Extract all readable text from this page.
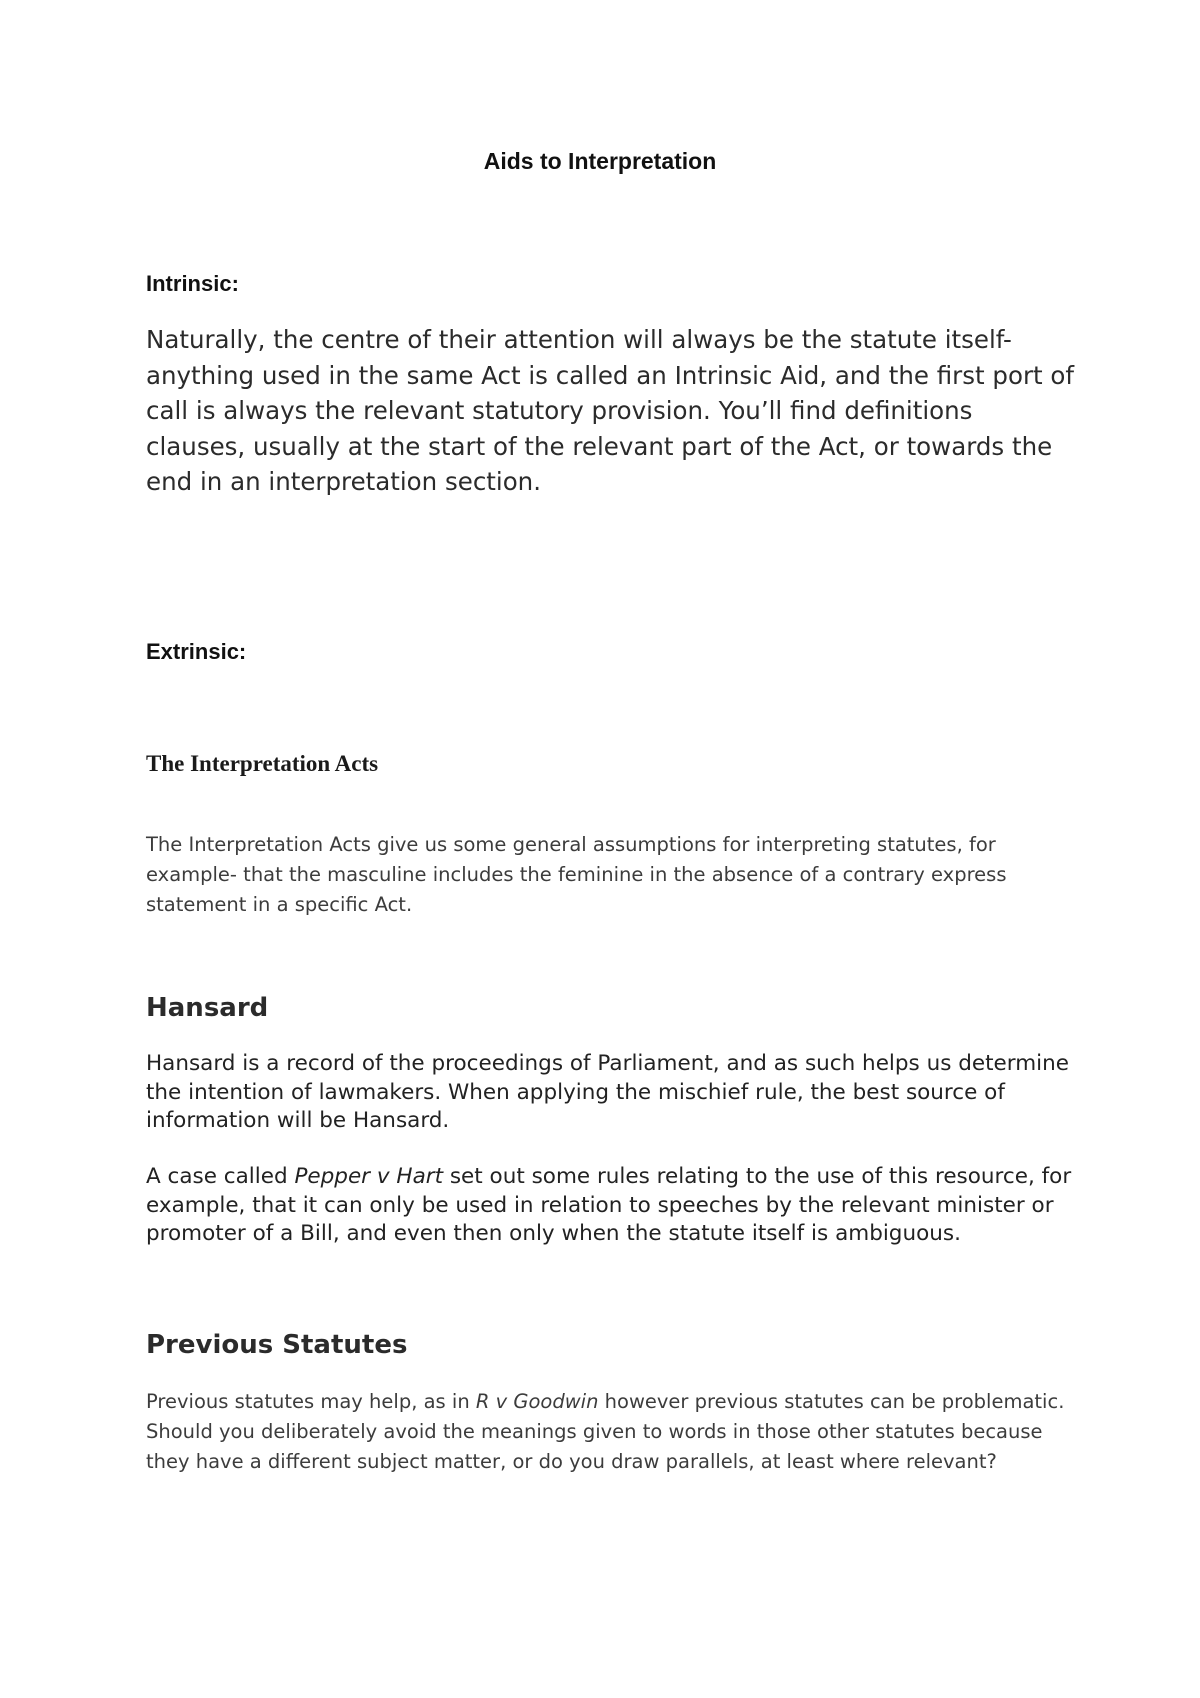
Aids to Interpretation
Intrinsic:

Naturally, the centre of their attention will always be the statute itself- anything used in the same Act is called an Intrinsic Aid, and the first port of call is always the relevant statutory provision. You’ll find definitions clauses, usually at the start of the relevant part of the Act, or towards the end in an interpretation section.

Extrinsic:
The Interpretation Acts

The Interpretation Acts give us some general assumptions for interpreting statutes, for example- that the masculine includes the feminine in the absence of a contrary express statement in a specific Act.

Hansard

Hansard is a record of the proceedings of Parliament, and as such helps us determine the intention of lawmakers. When applying the mischief rule, the best source of information will be Hansard.

A case called Pepper v Hart set out some rules relating to the use of this resource, for example, that it can only be used in relation to speeches by the relevant minister or promoter of a Bill, and even then only when the statute itself is ambiguous.

Previous Statutes

Previous statutes may help, as in R v Goodwin however previous statutes can be problematic. Should you deliberately avoid the meanings given to words in those other statutes because they have a different subject matter, or do you draw parallels, at least where relevant?
